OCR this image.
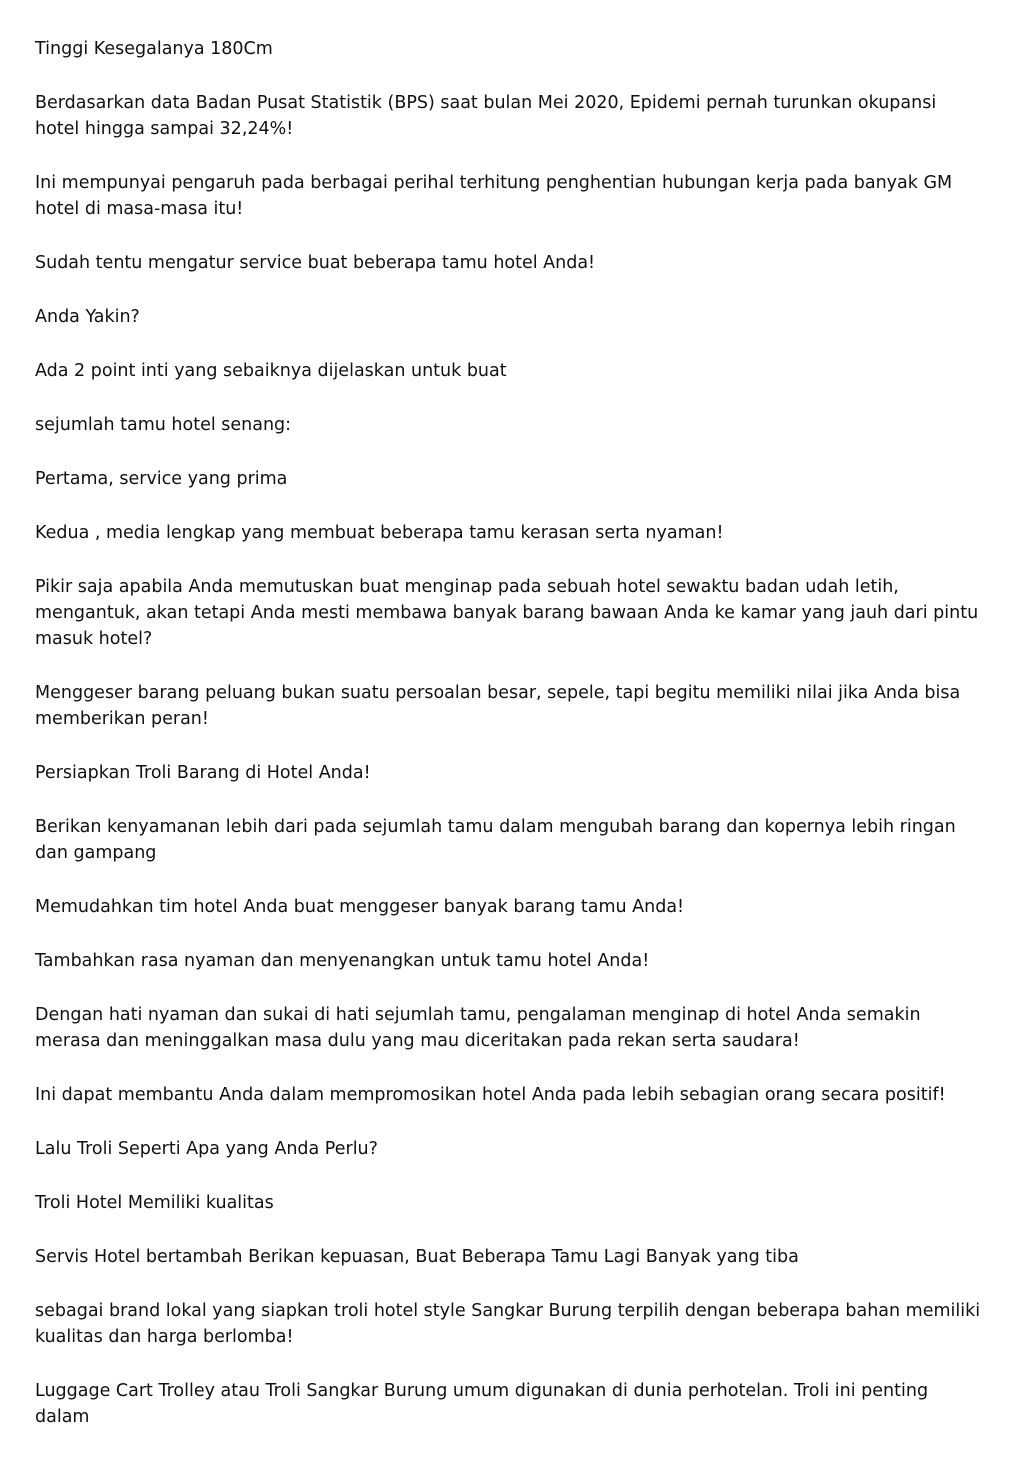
Tinggi Kesegalanya 180Cm

Berdasarkan data Badan Pusat Statistik (BPS) saat bulan Mei 2020, Epidemi pernah turunkan okupansi hotel hingga sampai 32,24%!

Ini mempunyai pengaruh pada berbagai perihal terhitung penghentian hubungan kerja pada banyak GM hotel di masa-masa itu!

Sudah tentu mengatur service buat beberapa tamu hotel Anda!

Anda Yakin?

Ada 2 point inti yang sebaiknya dijelaskan untuk buat

sejumlah tamu hotel senang:

Pertama, service yang prima

Kedua , media lengkap yang membuat beberapa tamu kerasan serta nyaman!

Pikir saja apabila Anda memutuskan buat menginap pada sebuah hotel sewaktu badan udah letih, mengantuk, akan tetapi Anda mesti membawa banyak barang bawaan Anda ke kamar yang jauh dari pintu masuk hotel?

Menggeser barang peluang bukan suatu persoalan besar, sepele, tapi begitu memiliki nilai jika Anda bisa memberikan peran!

Persiapkan Troli Barang di Hotel Anda!

Berikan kenyamanan lebih dari pada sejumlah tamu dalam mengubah barang dan kopernya lebih ringan dan gampang

Memudahkan tim hotel Anda buat menggeser banyak barang tamu Anda!

Tambahkan rasa nyaman dan menyenangkan untuk tamu hotel Anda!

Dengan hati nyaman dan sukai di hati sejumlah tamu, pengalaman menginap di hotel Anda semakin merasa dan meninggalkan masa dulu yang mau diceritakan pada rekan serta saudara!

Ini dapat membantu Anda dalam mempromosikan hotel Anda pada lebih sebagian orang secara positif!

Lalu Troli Seperti Apa yang Anda Perlu?

Troli Hotel Memiliki kualitas

Servis Hotel bertambah Berikan kepuasan, Buat Beberapa Tamu Lagi Banyak yang tiba

sebagai brand lokal yang siapkan troli hotel style Sangkar Burung terpilih dengan beberapa bahan memiliki kualitas dan harga berlomba!

Luggage Cart Trolley atau Troli Sangkar Burung umum digunakan di dunia perhotelan. Troli ini penting dalam
